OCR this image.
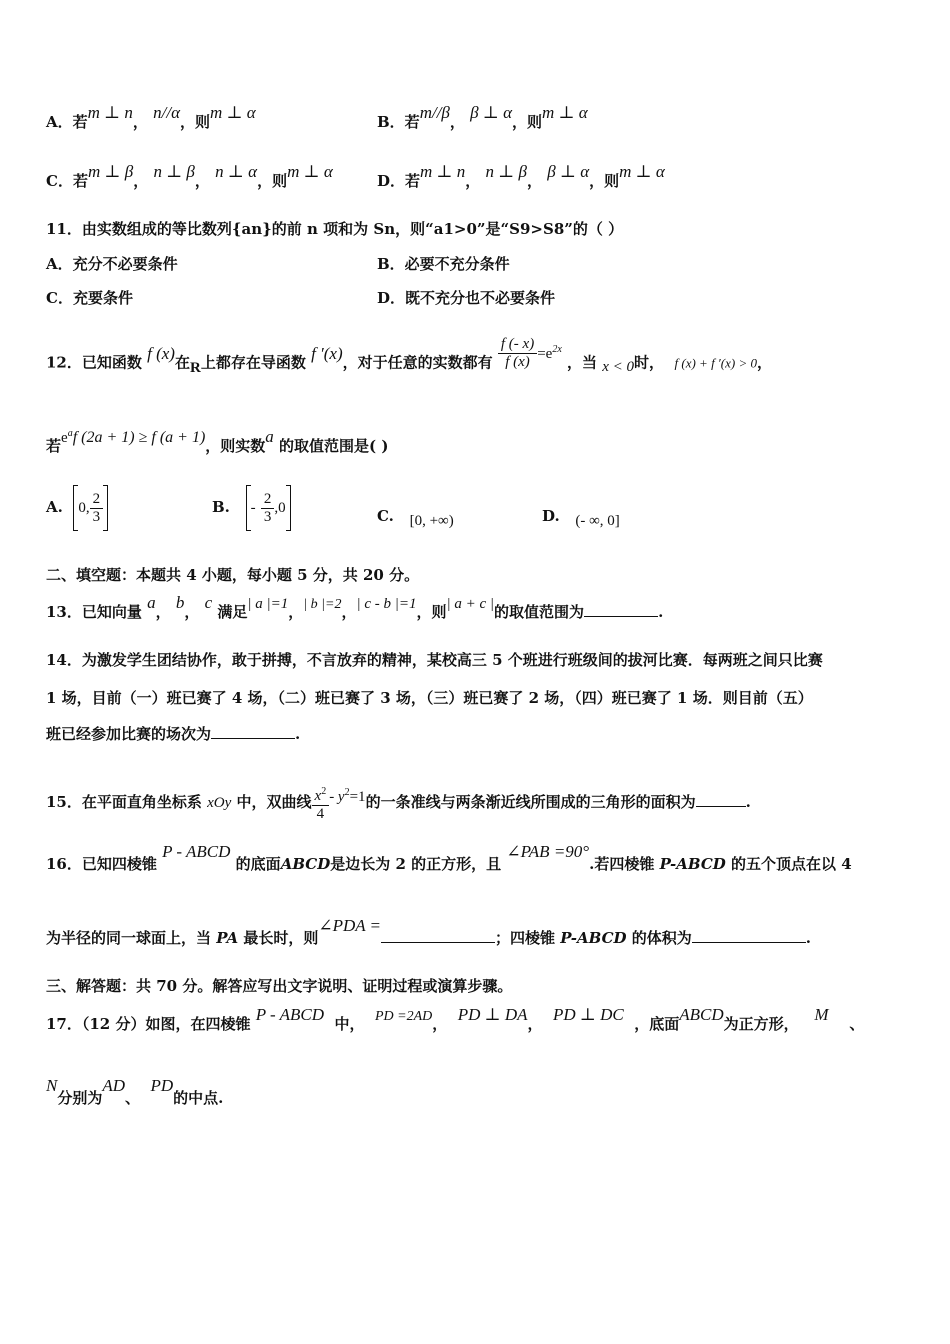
A．若m ⊥ n， n//α，则m ⊥ α	B．若m//β， β ⊥ α，则m ⊥ α
C．若m ⊥ β， n ⊥ β， n ⊥ α，则m ⊥ α	D．若m ⊥ n， n ⊥ β， β ⊥ α，则m ⊥ α
11．由实数组成的等比数列{an}的前 n 项和为 Sn，则“a1>0”是“S9>S8”的（ ）
A．充分不必要条件	B．必要不充分条件
C．充要条件	D．既不充分也不必要条件
12．已知函数 f (x)在R上都存在导函数 f ′(x)，对于任意的实数都有 $\frac{f (- x)}{f (x)} =e^{2x}$ ，当 x < 0时， f (x) + f ′(x) > 0，
若$e^af$ (2a + 1) ≥ f (a + 1)，则实数a 的取值范围是( )
A. 0, $\frac{2}{3}$	B. - $\frac{2}{3} ,0$	C. [0, +∞)	D. (- ∞, 0]
二、填空题：本题共 4 小题，每小题 5 分，共 20 分。
13．已知向量 a， b， c 满足| a |=1，| b |=2，| c - b |=1，则| a + c |的取值范围为	.
14．为激发学生团结协作，敢于拼搏，不言放弃的精神，某校高三 5 个班进行班级间的拔河比赛．每两班之间只比赛
1 场，目前（一）班已赛了 4 场，（二）班已赛了 3 场，（三）班已赛了 2 场，（四）班已赛了 1 场．则目前（五）
班已经参加比赛的场次为	.
15．在平面直角坐标系 xOy 中，双曲线 $\frac{x^2}{4} - y^2=1$的一条准线与两条渐近线所围成的三角形的面积为	.
16．已知四棱锥 P - ABCD 的底面ABCD是边长为 2 的正方形，且 ∠PAB =90°.若四棱锥 P-ABCD 的五个顶点在以 4
为半径的同一球面上，当 PA 最长时，则∠PDA =；四棱锥 P-ABCD 的体积为	.
三、解答题：共 70 分。解答应写出文字说明、证明过程或演算步骤。
17．（12 分）如图，在四棱锥 P - ABCD 中， PD =2AD， PD ⊥ DA， PD ⊥ DC ，底面ABCD为正方形， M 、
N分别为AD、  PD的中点.
